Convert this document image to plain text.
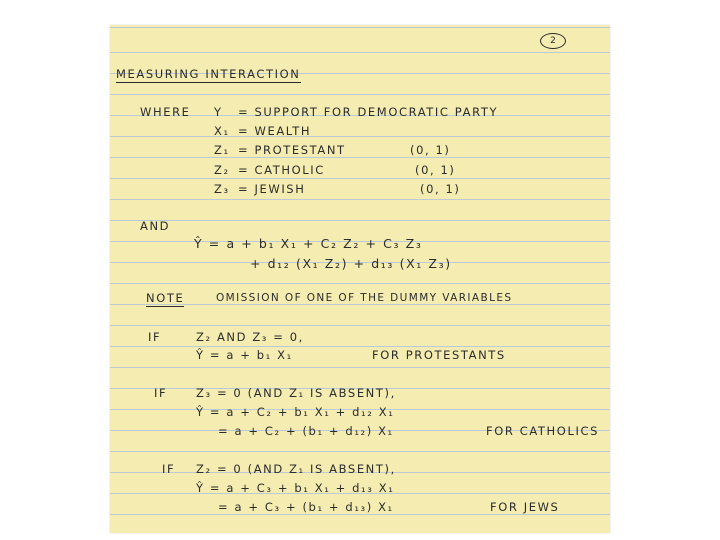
2
MEASURING INTERACTION
WHERE Y = SUPPORT FOR DEMOCRATIC PARTY
X₁ = WEALTH
Z₁ = PROTESTANT	(0, 1)
Z₂ = CATHOLIC	(0, 1)
Z₃ = JEWISH	(0, 1)
AND
Ŷ = a + b₁ X₁ + C₂ Z₂ + C₃ Z₃
+ d₁₂ (X₁ Z₂) + d₁₃ (X₁ Z₃)
NOTE	OMISSION OF ONE OF THE DUMMY VARIABLES
IF	Z₂ AND Z₃ = 0,
Ŷ = a + b₁ X₁	FOR PROTESTANTS
IF	Z₃ = 0 (AND Z₁ IS ABSENT),
Ŷ = a + C₂ + b₁ X₁ + d₁₂ X₁
= a + C₂ + (b₁ + d₁₂) X₁	FOR CATHOLICS
IF Z₂ = 0 (AND Z₁ IS ABSENT),
Ŷ = a + C₃ + b₁ X₁ + d₁₃ X₁
= a + C₃ + (b₁ + d₁₃) X₁	FOR JEWS
